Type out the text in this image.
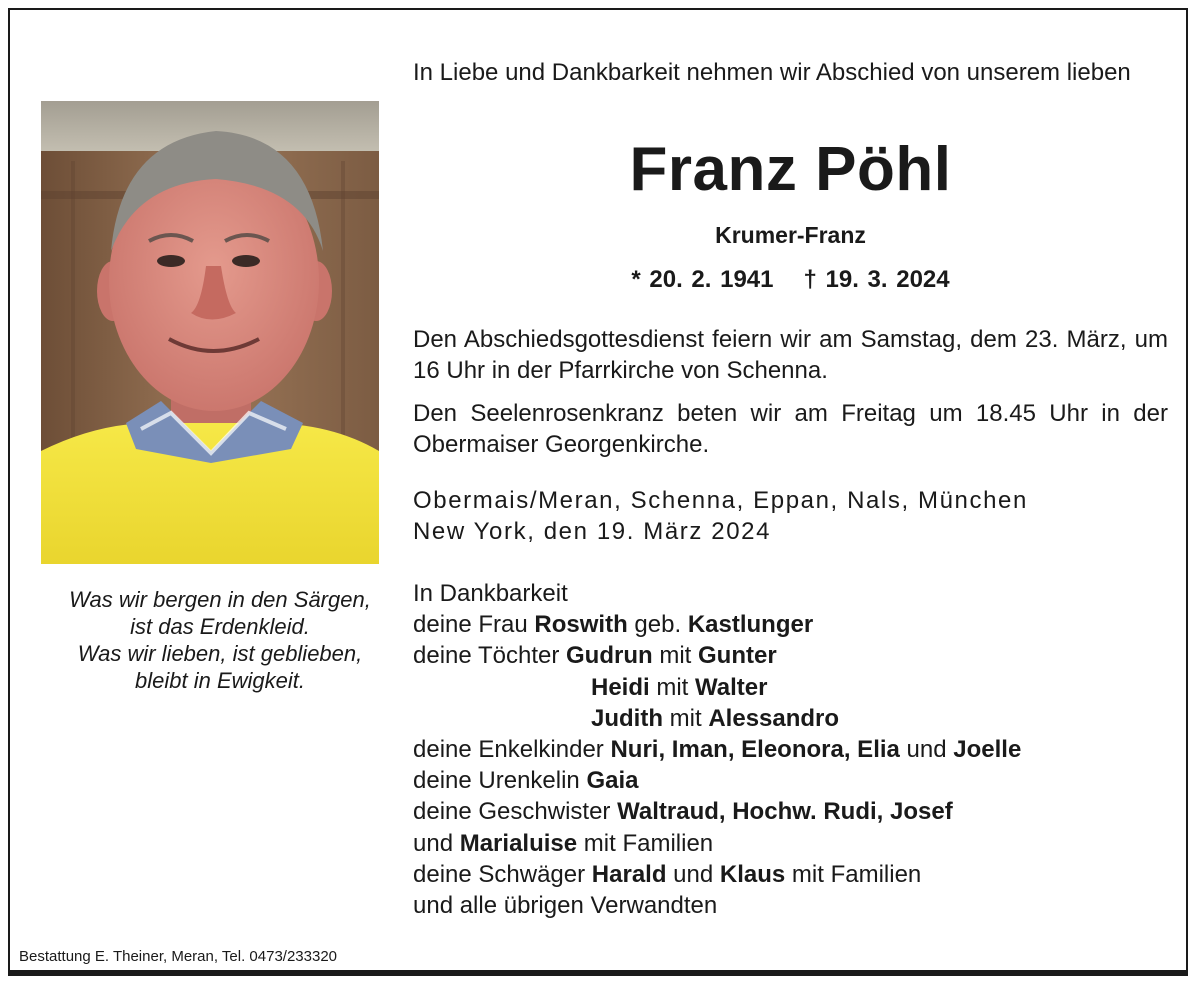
Was wir bergen in den Särgen,
ist das Erdenkleid.
Was wir lieben, ist geblieben,
bleibt in Ewigkeit.
In Liebe und Dankbarkeit nehmen wir Abschied von unserem lieben
Franz Pöhl
Krumer-Franz
* 20. 2. 1941 † 19. 3. 2024
Den Abschiedsgottesdienst feiern wir am Samstag, dem 23. März, um 16 Uhr in der Pfarrkirche von Schenna.
Den Seelenrosenkranz beten wir am Freitag um 18.45 Uhr in der Obermaiser Georgenkirche.
Obermais/Meran, Schenna, Eppan, Nals, München
New York, den 19. März 2024
In Dankbarkeit
deine Frau Roswith geb. Kastlunger
deine Töchter Gudrun mit Gunter
Heidi mit Walter
Judith mit Alessandro
deine Enkelkinder Nuri, Iman, Eleonora, Elia und Joelle
deine Urenkelin Gaia
deine Geschwister Waltraud, Hochw. Rudi, Josef
und Marialuise mit Familien
deine Schwäger Harald und Klaus mit Familien
und alle übrigen Verwandten
Bestattung E. Theiner, Meran, Tel. 0473/233320
